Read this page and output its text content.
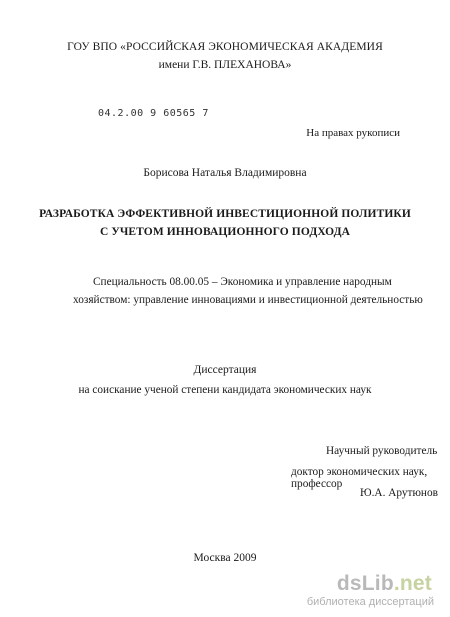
ГОУ ВПО «РОССИЙСКАЯ ЭКОНОМИЧЕСКАЯ АКАДЕМИЯ
имени Г.В. ПЛЕХАНОВА»
04.2.00 9 60565 7
На правах рукописи
Борисова Наталья Владимировна
РАЗРАБОТКА ЭФФЕКТИВНОЙ ИНВЕСТИЦИОННОЙ ПОЛИТИКИ
С УЧЕТОМ ИННОВАЦИОННОГО ПОДХОДА
Специальность 08.00.05 – Экономика и управление народным
хозяйством: управление инновациями и инвестиционной деятельностью
Диссертация
на соискание ученой степени кандидата экономических наук
Научный руководитель
доктор экономических наук, профессор
Ю.А. Арутюнов
Москва 2009
dsLib.net
библиотека диссертаций
